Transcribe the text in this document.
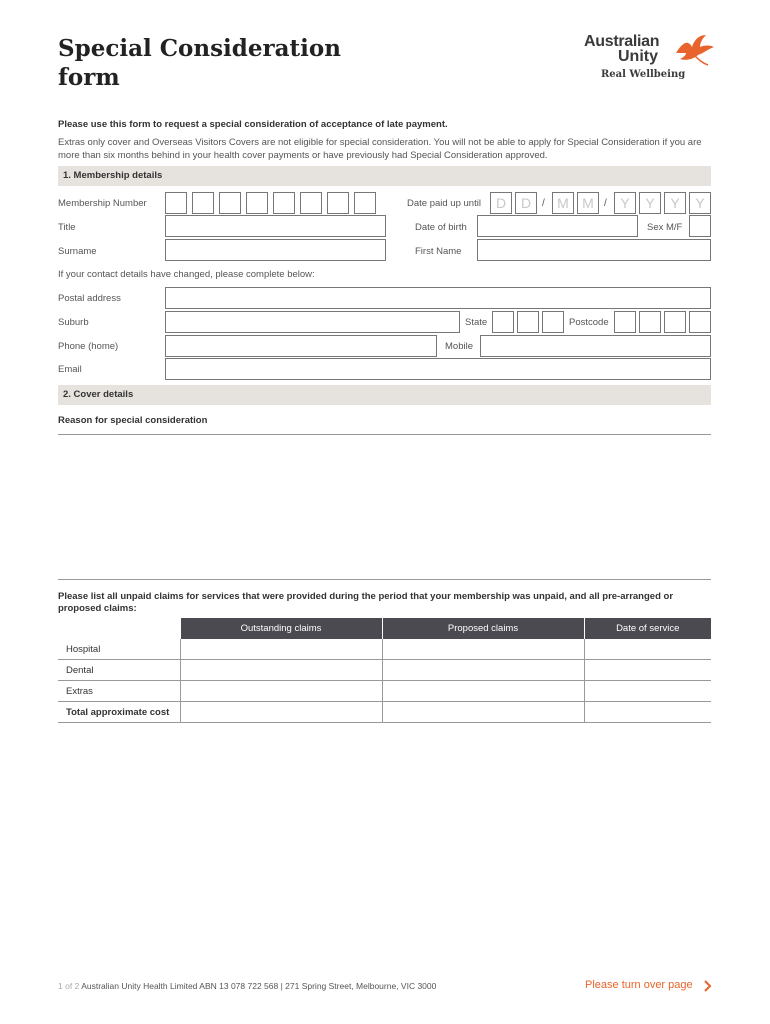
Special Consideration
form
Australian
Unity
Real Wellbeing
Please use this form to request a special consideration of acceptance of late payment.
Extras only cover and Overseas Visitors Covers are not eligible for special consideration. You will not be able to apply for Special Consideration if you are more than six months behind in your health cover payments or have previously had Special Consideration approved.
1. Membership details
Membership Number	Date paid up until	D	D	/ M M	/ Y	Y	Y	Y
Title	Date of birth	Sex M/F
Surname	First Name
If your contact details have changed, please complete below:
Postal address
Suburb	State	Postcode
Phone (home)	Mobile
Email
2. Cover details
Reason for special consideration
Please list all unpaid claims for services that were provided during the period that your membership was unpaid, and all pre-arranged or proposed claims:
	Outstanding claims	Proposed claims	Date of service
Hospital			
Dental			
Extras			
Total approximate cost			
1 of 2 Australian Unity Health Limited ABN 13 078 722 568 | 271 Spring Street, Melbourne, VIC 3000	Please turn over page
